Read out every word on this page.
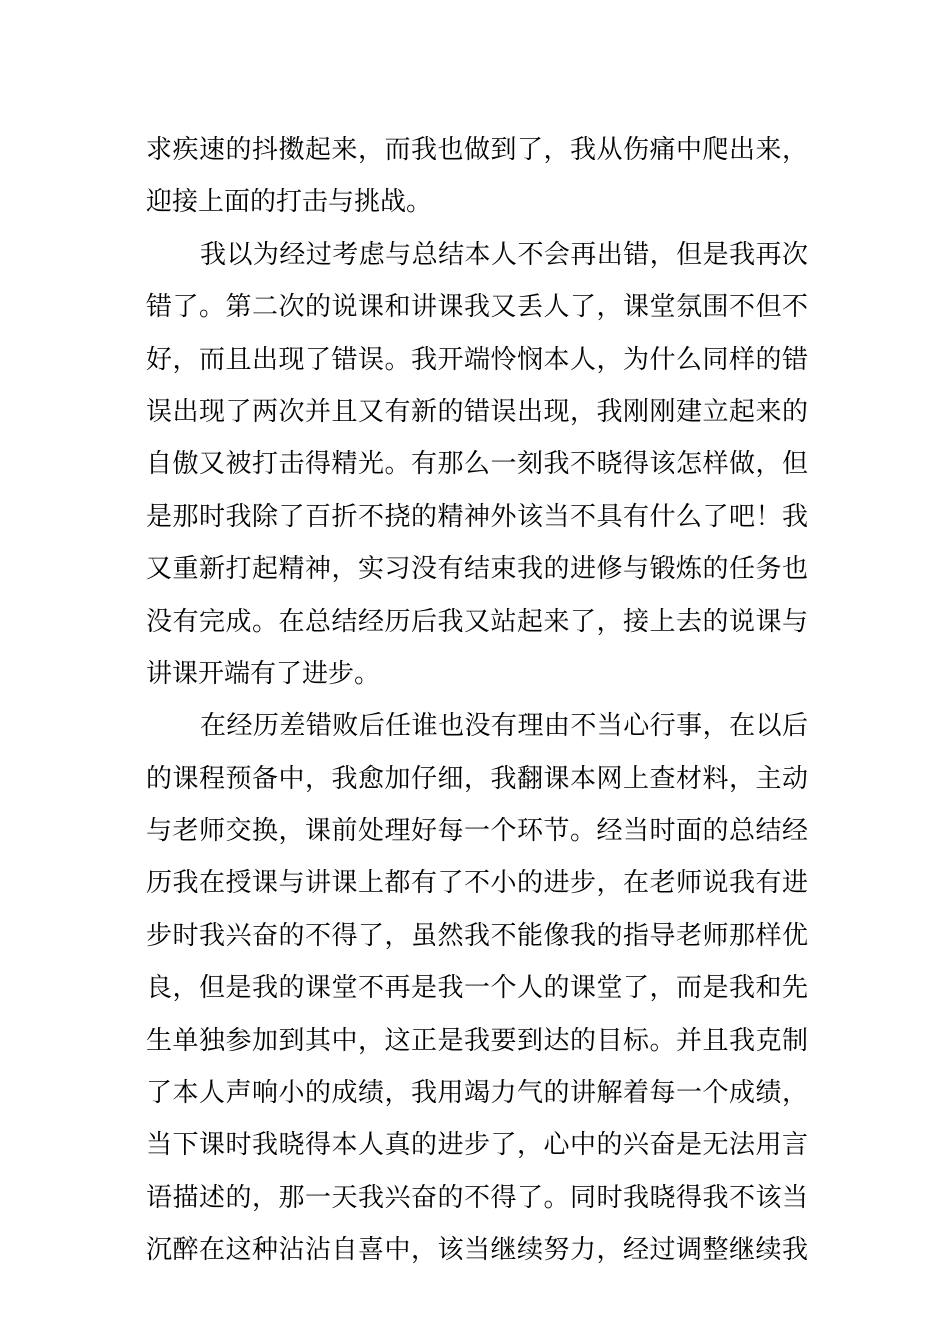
求疾速的抖擞起来，而我也做到了，我从伤痛中爬出来，
迎接上面的打击与挑战。
我以为经过考虑与总结本人不会再出错，但是我再次
错了。第二次的说课和讲课我又丢人了，课堂氛围不但不
好，而且出现了错误。我开端怜悯本人，为什么同样的错
误出现了两次并且又有新的错误出现，我刚刚建立起来的
自傲又被打击得精光。有那么一刻我不晓得该怎样做，但
是那时我除了百折不挠的精神外该当不具有什么了吧！我
又重新打起精神，实习没有结束我的进修与锻炼的任务也
没有完成。在总结经历后我又站起来了，接上去的说课与
讲课开端有了进步。
在经历差错败后任谁也没有理由不当心行事，在以后
的课程预备中，我愈加仔细，我翻课本网上查材料，主动
与老师交换，课前处理好每一个环节。经当时面的总结经
历我在授课与讲课上都有了不小的进步，在老师说我有进
步时我兴奋的不得了，虽然我不能像我的指导老师那样优
良，但是我的课堂不再是我一个人的课堂了，而是我和先
生单独参加到其中，这正是我要到达的目标。并且我克制
了本人声响小的成绩，我用竭力气的讲解着每一个成绩，
当下课时我晓得本人真的进步了，心中的兴奋是无法用言
语描述的，那一天我兴奋的不得了。同时我晓得我不该当
沉醉在这种沾沾自喜中，该当继续努力，经过调整继续我
